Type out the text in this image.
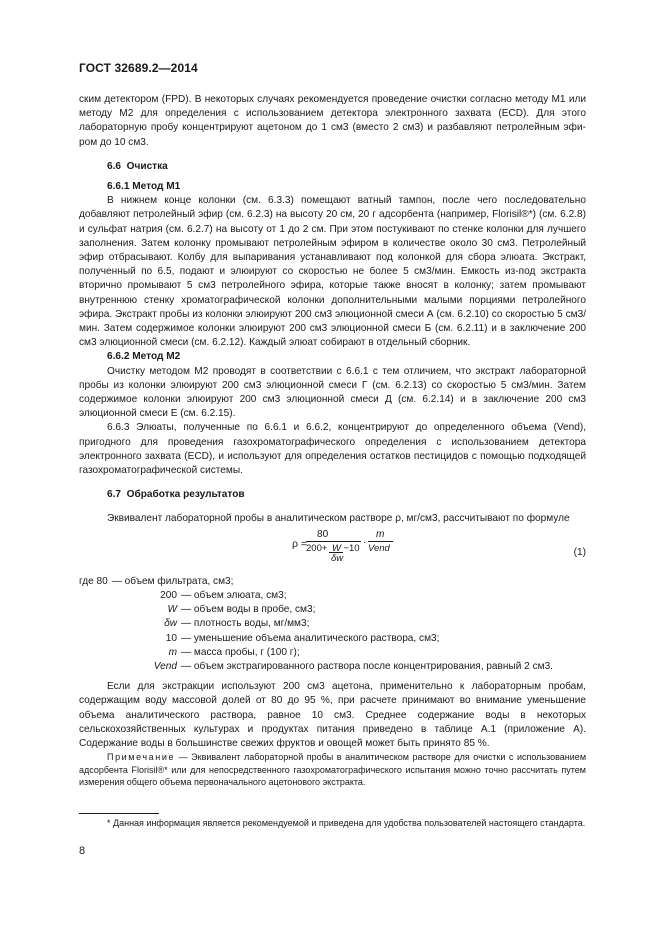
ГОСТ 32689.2—2014

ским детектором (FPD). В некоторых случаях рекомендуется проведение очистки согласно методу M1 или методу M2 для определения с использованием детектора электронного захвата (ECD). Для этого лабораторную пробу концентрируют ацетоном до 1 см3 (вместо 2 см3) и разбавляют петролейным эфи- ром до 10 см3.

6.6 Очистка

6.6.1 Метод M1

В нижнем конце колонки (см. 6.3.3) помещают ватный тампон, после чего последовательно добавляют петролейный эфир (см. 6.2.3) на высоту 20 см, 20 г адсорбента (например, Florisil®*) (см. 6.2.8) и сульфат натрия (см. 6.2.7) на высоту от 1 до 2 см. При этом постукивают по стенке колонки для лучшего заполнения. Затем колонку промывают петролейным эфиром в количестве около 30 см3. Петролейный эфир отбрасывают. Колбу для выпаривания устанавливают под колонкой для сбора элюата. Экстракт, полученный по 6.5, подают и элюируют со скоростью не более 5 см3/мин. Емкость из-под экстракта вторично промывают 5 см3 петролейного эфира, которые также вносят в колонку; затем промывают внутреннюю стенку хроматографической колонки дополнительными малыми порциями петролейного эфира. Экстракт пробы из колонки элюируют 200 см3 элюционной смеси А (см. 6.2.10) со скоростью 5 см3/мин. Затем содержимое колонки элюируют 200 см3 элюционной смеси Б (см. 6.2.11) и в заключение 200 см3 элюционной смеси (см. 6.2.12). Каждый элюат собирают в отдельный сборник.

6.6.2 Метод M2

Очистку методом M2 проводят в соответствии с 6.6.1 с тем отличием, что экстракт лабораторной пробы из колонки элюируют 200 см3 элюционной смеси Г (см. 6.2.13) со скоростью 5 см3/мин. Затем содержимое колонки элюируют 200 см3 элюционной смеси Д (см. 6.2.14) и в заключение 200 см3 элюционной смеси Е (см. 6.2.15).

6.6.3 Элюаты, полученные по 6.6.1 и 6.6.2, концентрируют до определенного объема (Vend), пригодного для проведения газохроматографического определения с использованием детектора электронного захвата (ECD), и используют для определения остатков пестицидов с помощью подходящей газохроматографической системы.

6.7 Обработка результатов

Эквивалент лабораторной пробы в аналитическом растворе ρ, мг/см3, рассчитывают по формуле

ρ =
80
200+ −10
W
δw
·
m
Vend	(1)
где 80 — объем фильтрата, см3;
200 — объем элюата, см3;
W — объем воды в пробе, см3;
δw — плотность воды, мг/мм3;
10 — уменьшение объема аналитического раствора, см3;
m — масса пробы, г (100 г);
Vend — объем экстрагированного раствора после концентрирования, равный 2 см3.

Если для экстракции используют 200 см3 ацетона, применительно к лабораторным пробам, содержащим воду массовой долей от 80 до 95 %, при расчете принимают во внимание уменьшение объема аналитического раствора, равное 10 см3. Среднее содержание воды в некоторых сельскохозяйственных культурах и продуктах питания приведено в таблице А.1 (приложение А). Содержание воды в большинстве свежих фруктов и овощей может быть принято 85 %.

Примечание — Эквивалент лабораторной пробы в аналитическом растворе для очистки с использованием адсорбента Florisil®* или для непосредственного газохроматографического испытания можно точно рассчитать путем измерения общего объема первоначального ацетонового экстракта.

* Данная информация является рекомендуемой и приведена для удобства пользователей настоящего стандарта.
8
